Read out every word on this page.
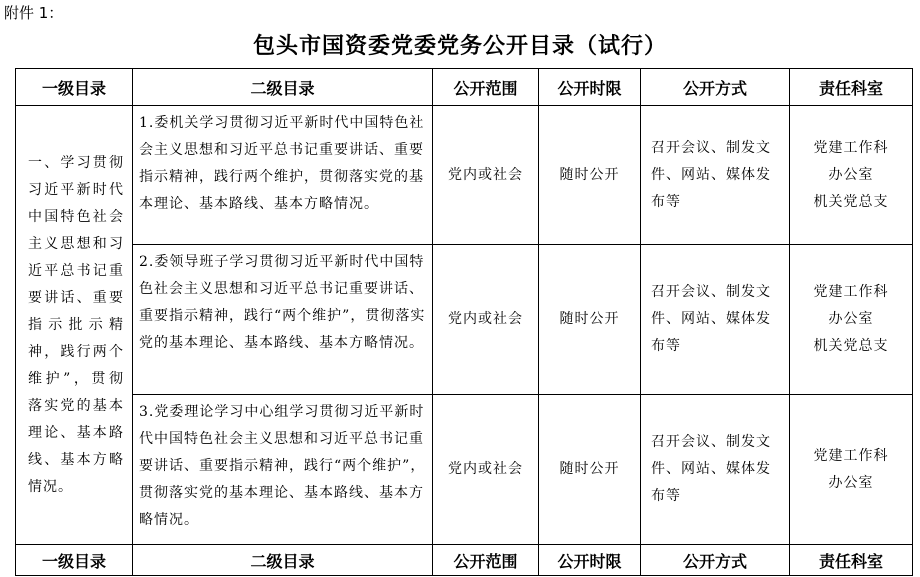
附件 1：
包头市国资委党委党务公开目录（试行）
一级目录	二级目录	公开范围	公开时限	公开方式	责任科室
一、学习贯彻习近平新时代中国特色社会主义思想和习近平总书记重要讲话、重要指示批示精神，践行两个维护”，贯彻落实党的基本理论、基本路线、基本方略情况。	1.委机关学习贯彻习近平新时代中国特色社会主义思想和习近平总书记重要讲话、重要指示精神，践行两个维护，贯彻落实党的基本理论、基本路线、基本方略情况。	党内或社会	随时公开	召开会议、制发文件、网站、媒体发布等	党建工作科
办公室
机关党总支

	2.委领导班子学习贯彻习近平新时代中国特色社会主义思想和习近平总书记重要讲话、重要指示精神，践行“两个维护”，贯彻落实党的基本理论、基本路线、基本方略情况。	党内或社会	随时公开	召开会议、制发文件、网站、媒体发布等	党建工作科
办公室
机关党总支

	3.党委理论学习中心组学习贯彻习近平新时代中国特色社会主义思想和习近平总书记重要讲话、重要指示精神，践行“两个维护”，贯彻落实党的基本理论、基本路线、基本方略情况。	党内或社会	随时公开	召开会议、制发文件、网站、媒体发布等	党建工作科
办公室

一级目录	二级目录	公开范围	公开时限	公开方式	责任科室
